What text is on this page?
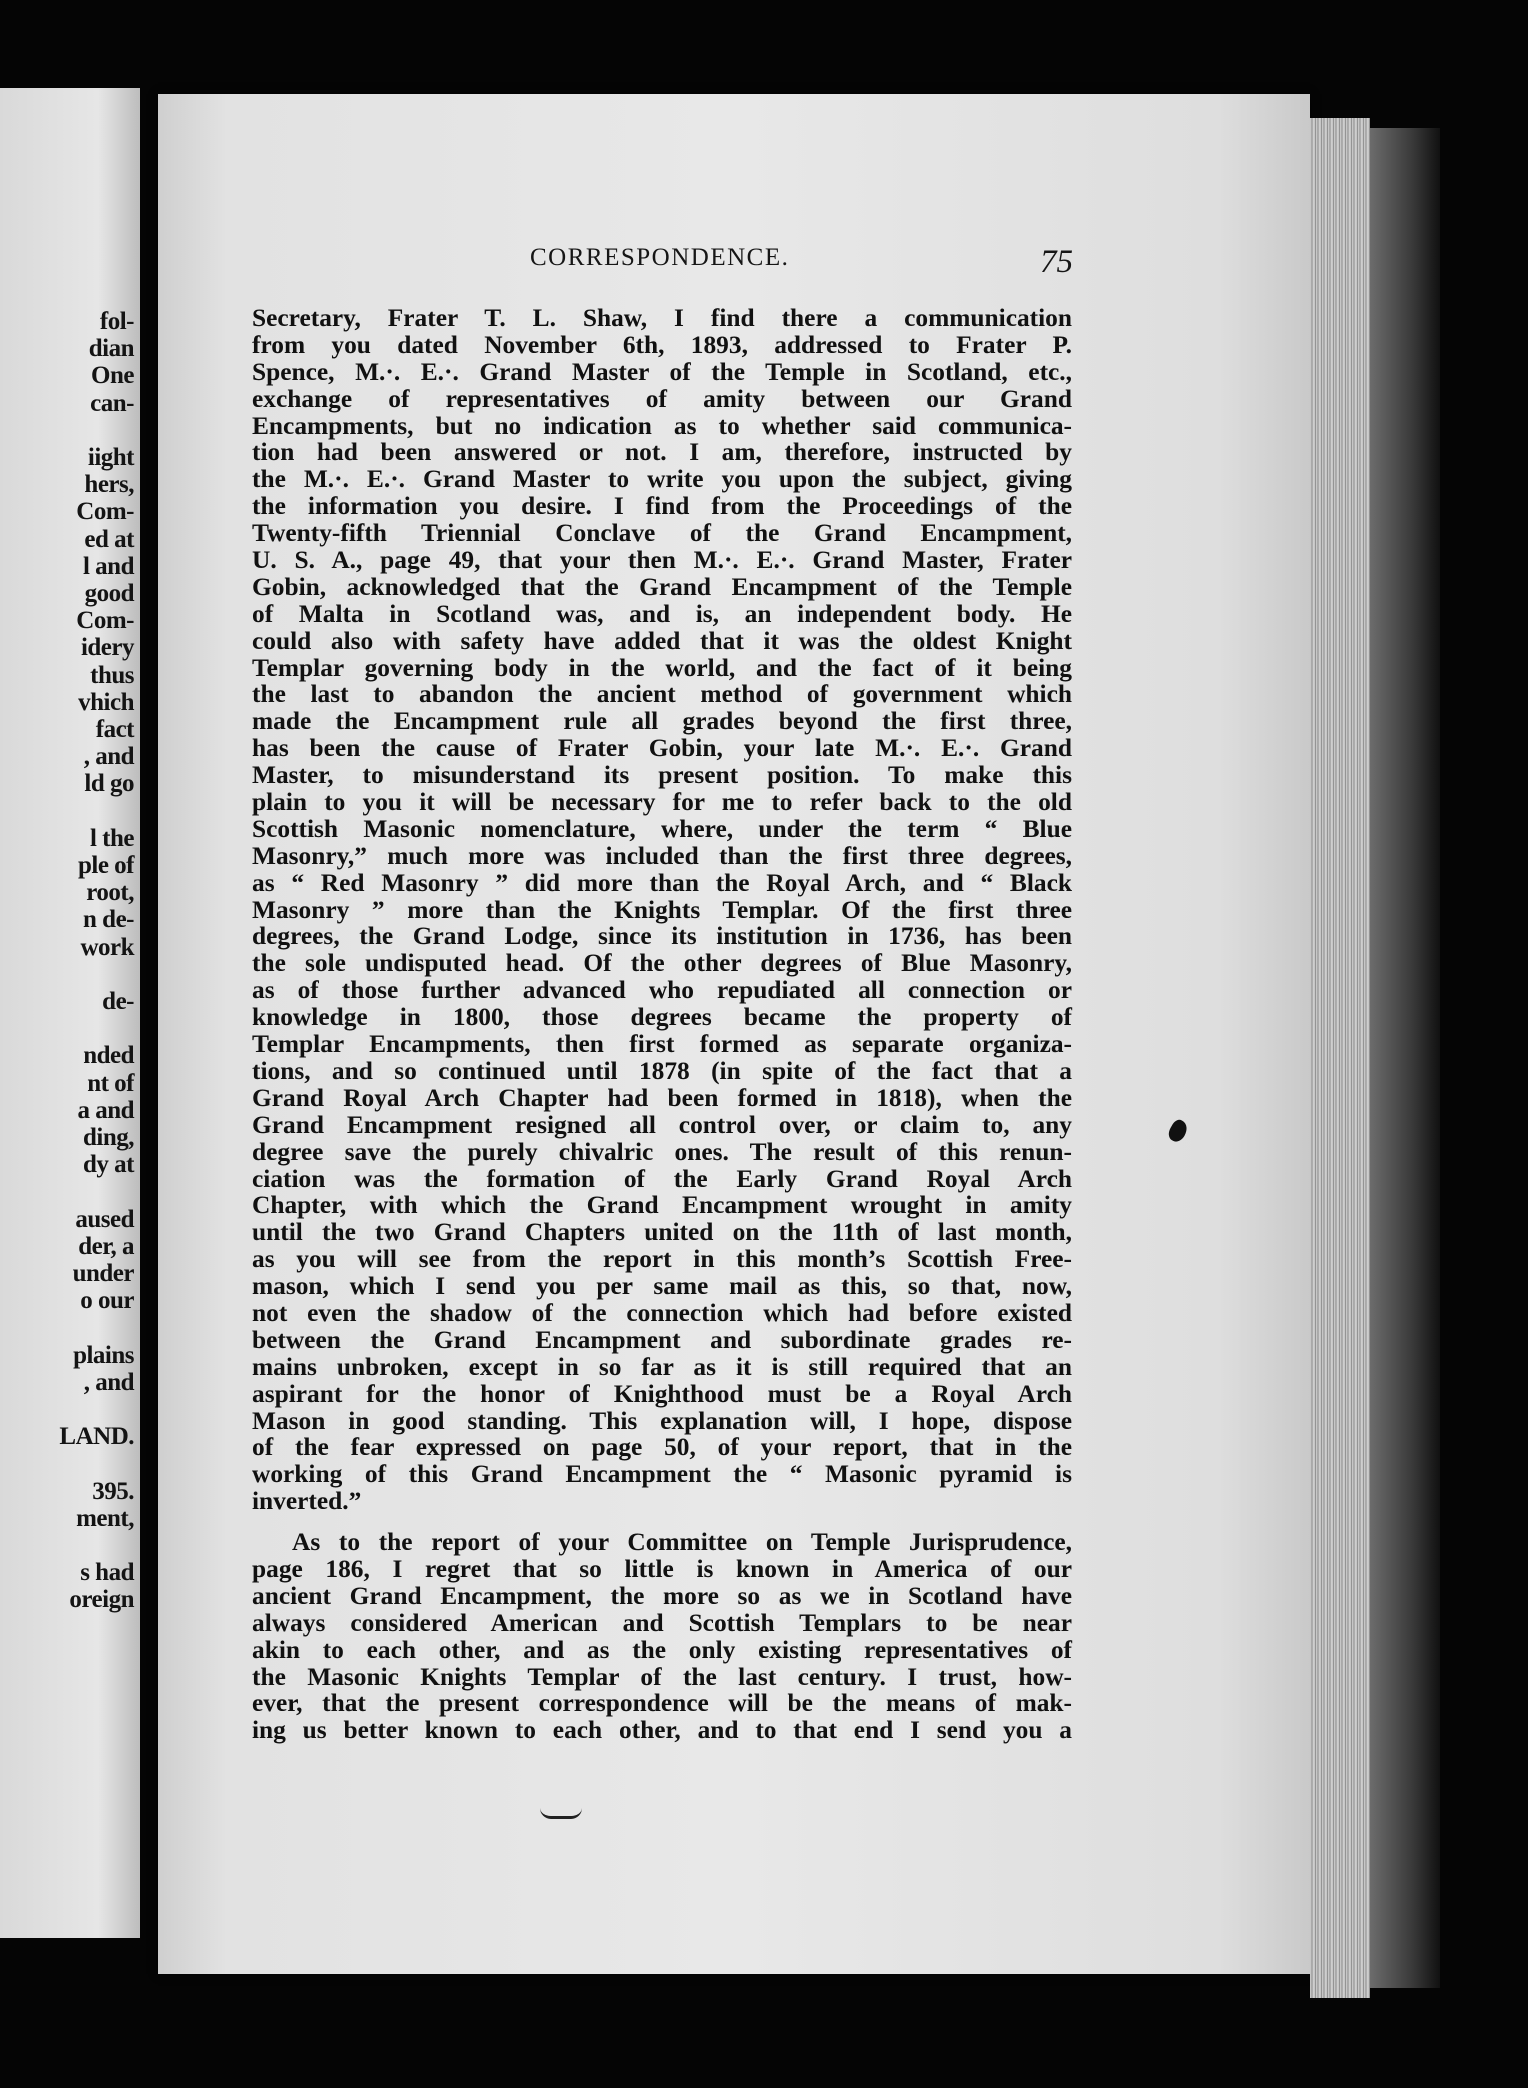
fol-
dian
One
can-
iight
hers,
Com-
ed at
l and
good
Com-
idery
thus
vhich
fact
, and
ld go
l the
ple of
root,
n de-
work
de-
nded
nt of
a and
ding,
dy at
aused
der, a
under
o our
plains
, and
LAND.
395.
ment,
s had
oreign
CORRESPONDENCE.	75
Secretary, Frater T. L. Shaw, I find there a communication
from you dated November 6th, 1893, addressed to Frater P.
Spence, M.·. E.·. Grand Master of the Temple in Scotland, etc.,
exchange of representatives of amity between our Grand
Encampments, but no indication as to whether said communica-
tion had been answered or not. I am, therefore, instructed by
the M.·. E.·. Grand Master to write you upon the subject, giving
the information you desire. I find from the Proceedings of the
Twenty-fifth Triennial Conclave of the Grand Encampment,
U. S. A., page 49, that your then M.·. E.·. Grand Master, Frater
Gobin, acknowledged that the Grand Encampment of the Temple
of Malta in Scotland was, and is, an independent body. He
could also with safety have added that it was the oldest Knight
Templar governing body in the world, and the fact of it being
the last to abandon the ancient method of government which
made the Encampment rule all grades beyond the first three,
has been the cause of Frater Gobin, your late M.·. E.·. Grand
Master, to misunderstand its present position. To make this
plain to you it will be necessary for me to refer back to the old
Scottish Masonic nomenclature, where, under the term “ Blue
Masonry,” much more was included than the first three degrees,
as “ Red Masonry ” did more than the Royal Arch, and “ Black
Masonry ” more than the Knights Templar. Of the first three
degrees, the Grand Lodge, since its institution in 1736, has been
the sole undisputed head. Of the other degrees of Blue Masonry,
as of those further advanced who repudiated all connection or
knowledge in 1800, those degrees became the property of
Templar Encampments, then first formed as separate organiza-
tions, and so continued until 1878 (in spite of the fact that a
Grand Royal Arch Chapter had been formed in 1818), when the
Grand Encampment resigned all control over, or claim to, any
degree save the purely chivalric ones. The result of this renun-
ciation was the formation of the Early Grand Royal Arch
Chapter, with which the Grand Encampment wrought in amity
until the two Grand Chapters united on the 11th of last month,
as you will see from the report in this month’s Scottish Free-
mason, which I send you per same mail as this, so that, now,
not even the shadow of the connection which had before existed
between the Grand Encampment and subordinate grades re-
mains unbroken, except in so far as it is still required that an
aspirant for the honor of Knighthood must be a Royal Arch
Mason in good standing. This explanation will, I hope, dispose
of the fear expressed on page 50, of your report, that in the
working of this Grand Encampment the “ Masonic pyramid is
inverted.”
As to the report of your Committee on Temple Jurisprudence,
page 186, I regret that so little is known in America of our
ancient Grand Encampment, the more so as we in Scotland have
always considered American and Scottish Templars to be near
akin to each other, and as the only existing representatives of
the Masonic Knights Templar of the last century. I trust, how-
ever, that the present correspondence will be the means of mak-
ing us better known to each other, and to that end I send you a
